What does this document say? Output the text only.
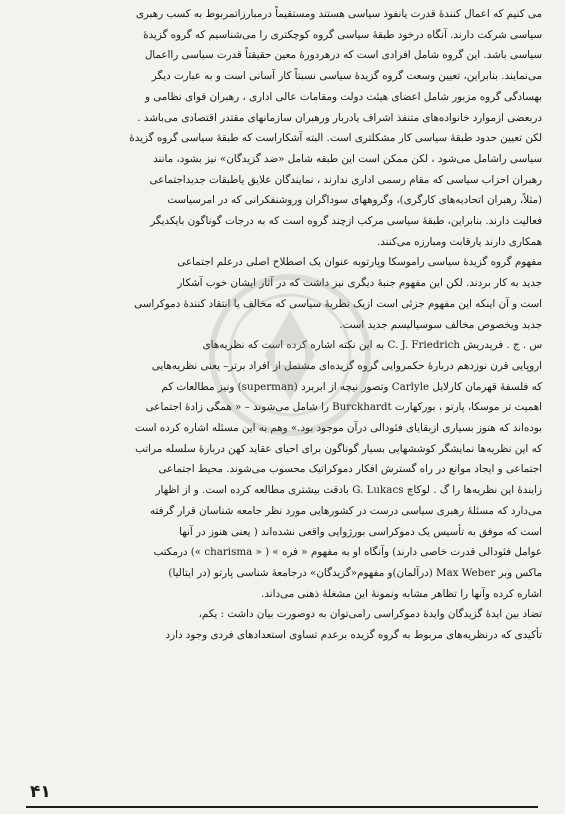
می کنیم که اعمال کنندهٔ قدرت یانفوذ سیاسی هستند ومستقیماً درمبارزاتمربوط به کسب رهبری

سیاسی شرکت دارند. آنگاه درخود طبقهٔ سیاسی گروه کوچکتری را می‌شناسیم که گروه گزیدهٔ

سیاسی باشد. این گروه شامل افرادی است که درهردورهٔ معین حقیقتاً قدرت سیاسی رااعمال

می‌نمایند. بنابراین، تعیین وسعت گروه گزیدهٔ سیاسی نسبتاً کار آسانی است و به عبارت دیگر

بهسادگی گروه مزبور شامل اعضای هیئت دولت ومقامات عالی اداری ، رهبران قوای نظامی و

دربعضی ازموارد خانواده‌های متنفذ اشراف یادربار ورهبران سازمانهای مقتدر اقتصادی می‌باشد .

لکن تعیین حدود طبقهٔ سیاسی کار مشکلتری است. البته آشکاراست که طبقهٔ سیاسی گروه گزیدهٔ

سیاسی راشامل می‌شود ، لکن ممکن است این طبقه شامل «ضد گزیدگان» نیز بشود، مانند

رهبران احزاب سیاسی که مقام رسمی اداری ندارند ، نمایندگان علایق یاطبقات جدیداجتماعی

(مثلاً، رهبران اتحادیه‌های کارگری)، وگروههای سوداگران وروشنفکرانی که در امرسیاست

فعالیت دارند. بنابراین، طبقهٔ سیاسی مرکب ازچند گروه است که به درجات گوناگون بایکدیگر

همکاری دارند یارقابت ومبارزه می‌کنند.

مفهوم گروه گزیدهٔ سیاسی راموسکا وپارتوبه عنوان یک اصطلاح اصلی درعلم اجتماعی

جدید به کار بردند. لکن این مفهوم جنبهٔ دیگری نیز داشت که در آثار ایشان خوب آشکار

است و آن اینکه این مفهوم جزئی است ازیک نظریهٔ سیاسی که مخالف یا انتقاد کنندهٔ دموکراسی

جدید ویخصوص مخالف سوسیالیسم جدید است.

س . ج . فریدریش C. J. Friedrich به این نکته اشاره کرده است که نظریه‌های

اروپایی قرن نوزدهم دربارهٔ حکمروایی گروه گزیده‌ای مشتمل از افراد برتر– یعنی نظریه‌هایی

که فلسفهٔ قهرمان کارلایل Carlyle وتصور نیچه از ابربرد (superman) ونیز مطالعات کم

اهمیت تر موسکا، پارتو ، بورکهارت Burckhardt را شامل می‌شوند – « همگی زادهٔ اجتماعی

بوده‌اند که هنوز بسیاری ازبقایای فئودالی درآن موجود بود.» وهم به این مسئله اشاره کرده است

که این نظریه‌ها نمایشگر کوششهایی بسیار گوناگون برای احیای عقاید کهن دربارهٔ سلسله مراتب

اجتماعی و ایجاد موانع در راه گسترش افکار دموکراتیک محسوب می‌شوند. محیط اجتماعی

زایندهٔ این نظریه‌ها را گ . لوکاچ G. Lukacs بادقت بیشتری مطالعه کرده است. و از اظهار

می‌دارد که مسئلهٔ رهبری سیاسی درست در کشورهایی مورد نظر جامعه شناسان قرار گرفته

است که موفق به تأسیس یک دموکراسی بورژوایی واقعی نشده‌اند ( یعنی هنوز در آنها

عوامل فئودالی قدرت خاصی دارند) وآنگاه او به مفهوم « فره » ( « charisma ») درمکتب

ماکس وبر Max Weber (درآلمان)و مفهوم«گزیدگان» درجامعهٔ شناسی پارتو (در ایتالیا)

اشاره کرده وآنها را تظاهر مشابه ونمونهٔ این مشغلهٔ ذهنی می‌داند.

تضاد بین ایدهٔ گزیدگان وایدهٔ دموکراسی رامی‌توان به دوصورت بیان داشت : یکم،

تأکیدی که درنظریه‌های مربوط به گروه گزیده برعدم تساوی استعدادهای فردی وجود دارد

۴۱
